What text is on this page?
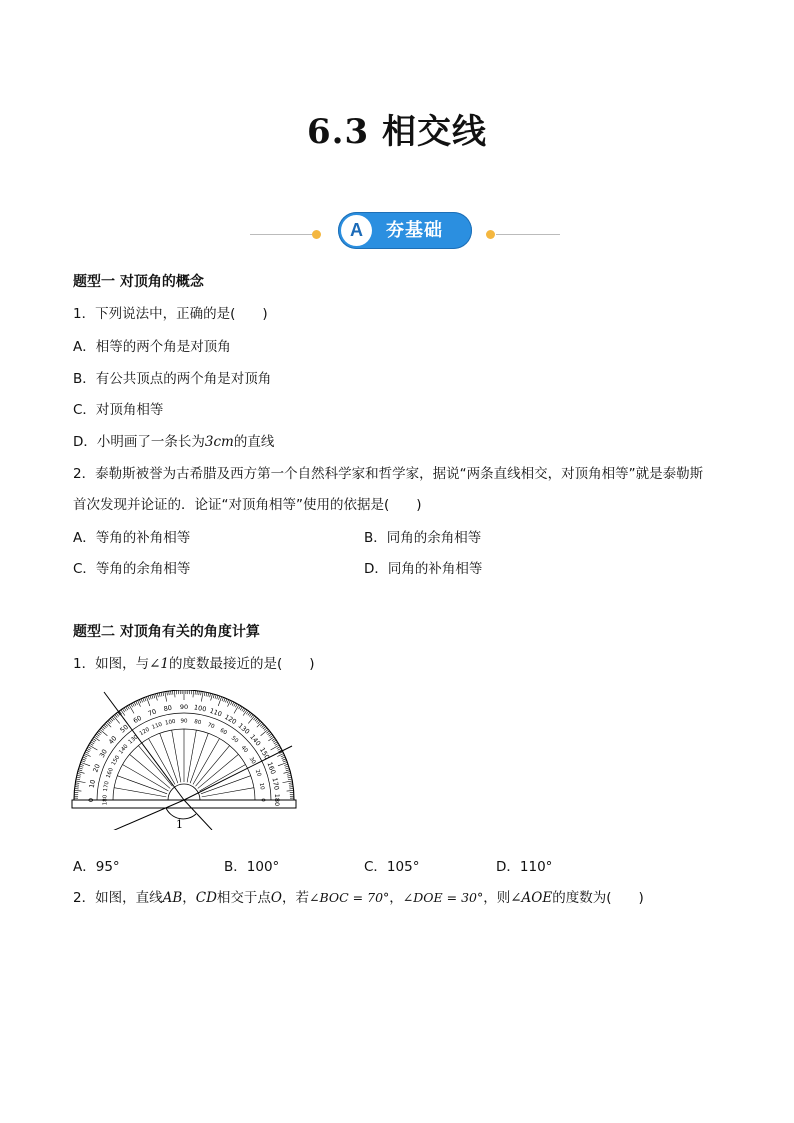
6.3 相交线
A	夯基础
题型一 对顶角的概念
1．下列说法中，正确的是(　　)
A．相等的两个角是对顶角
B．有公共顶点的两个角是对顶角
C．对顶角相等
D．小明画了一条长为3cm的直线
2．泰勒斯被誉为古希腊及西方第一个自然科学家和哲学家，据说“两条直线相交，对顶角相等”就是泰勒斯
首次发现并论证的．论证“对顶角相等”使用的依据是(　　)
A．等角的补角相等	B．同角的余角相等
C．等角的余角相等	D．同角的补角相等
题型二 对顶角有关的角度计算
1．如图，与∠1的度数最接近的是(　　)
0
10
20
30
40
50
60
70 80 90 100 110
120
130
140
150
160
170
180
180
170
160
150
140
130
120
110 100 90 80 70
60
50
40
30
20
10
0
1
A．95°	B．100°	C．105°	D．110°
2．如图，直线AB，CD相交于点O，若∠BOC = 70°，∠DOE = 30°，则∠AOE的度数为(　　)
